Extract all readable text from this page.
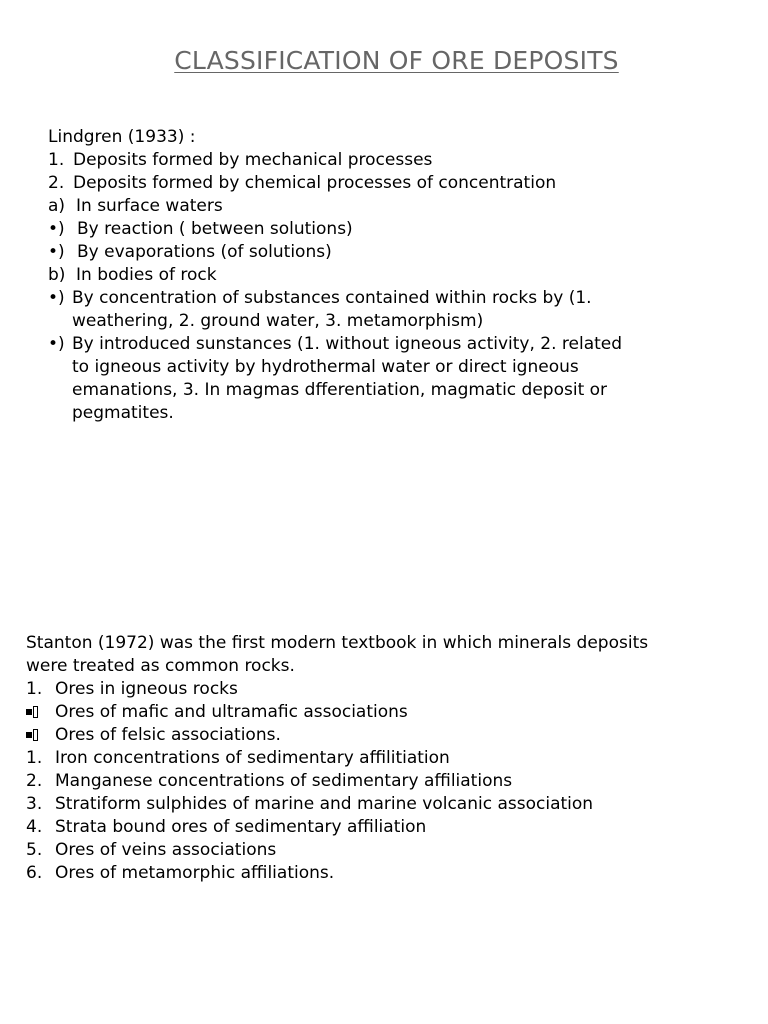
CLASSIFICATION OF ORE DEPOSITS
Lindgren (1933) :
1. Deposits formed by mechanical processes
2. Deposits formed by chemical processes of concentration
a) In surface waters
•) By reaction ( between solutions)
•) By evaporations (of solutions)
b) In bodies of rock
•) By concentration of substances contained within rocks by (1.
weathering, 2. ground water, 3. metamorphism)
•) By introduced sunstances (1. without igneous activity, 2. related
to igneous activity by hydrothermal water or direct igneous
emanations, 3. In magmas dfferentiation, magmatic deposit or
pegmatites.
Stanton (1972) was the first modern textbook in which minerals deposits
were treated as common rocks.
1. Ores in igneous rocks
Ores of mafic and ultramafic associations
Ores of felsic associations.
1. Iron concentrations of sedimentary affilitiation
2. Manganese concentrations of sedimentary affiliations
3. Stratiform sulphides of marine and marine volcanic association
4. Strata bound ores of sedimentary affiliation
5. Ores of veins associations
6. Ores of metamorphic affiliations.
